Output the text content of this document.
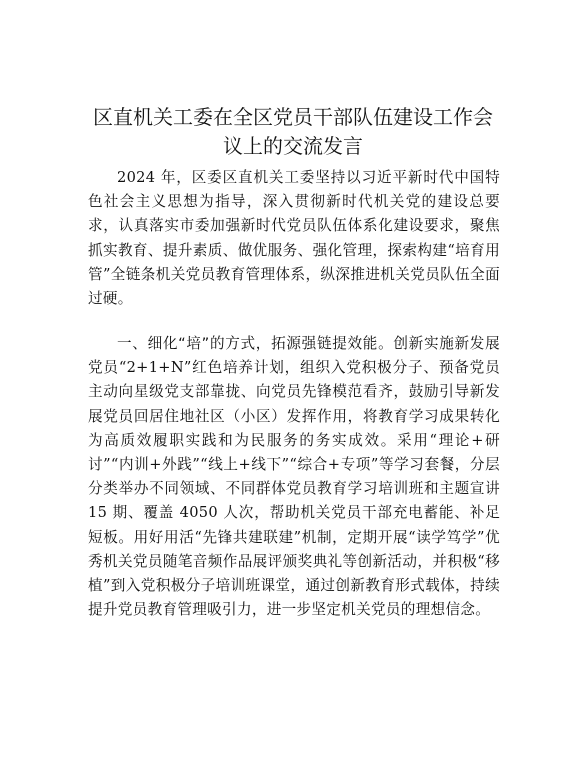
区直机关工委在全区党员干部队伍建设工作会
议上的交流发言

2024 年，区委区直机关工委坚持以习近平新时代中国特色社会主义思想为指导，深入贯彻新时代机关党的建设总要求，认真落实市委加强新时代党员队伍体系化建设要求，聚焦抓实教育、提升素质、做优服务、强化管理，探索构建“培育用管”全链条机关党员教育管理体系，纵深推进机关党员队伍全面过硬。

一、细化“培”的方式，拓源强链提效能。创新实施新发展党员“2+1+N”红色培养计划，组织入党积极分子、预备党员主动向星级党支部靠拢、向党员先锋模范看齐，鼓励引导新发展党员回居住地社区（小区）发挥作用，将教育学习成果转化为高质效履职实践和为民服务的务实成效。采用“理论+研讨”“内训+外践”“线上+线下”“综合+专项”等学习套餐，分层分类举办不同领域、不同群体党员教育学习培训班和主题宣讲 15 期、覆盖 4050 人次，帮助机关党员干部充电蓄能、补足短板。用好用活“先锋共建联建”机制，定期开展“读学笃学”优秀机关党员随笔音频作品展评颁奖典礼等创新活动，并积极“移植”到入党积极分子培训班课堂，通过创新教育形式载体，持续提升党员教育管理吸引力，进一步坚定机关党员的理想信念。
